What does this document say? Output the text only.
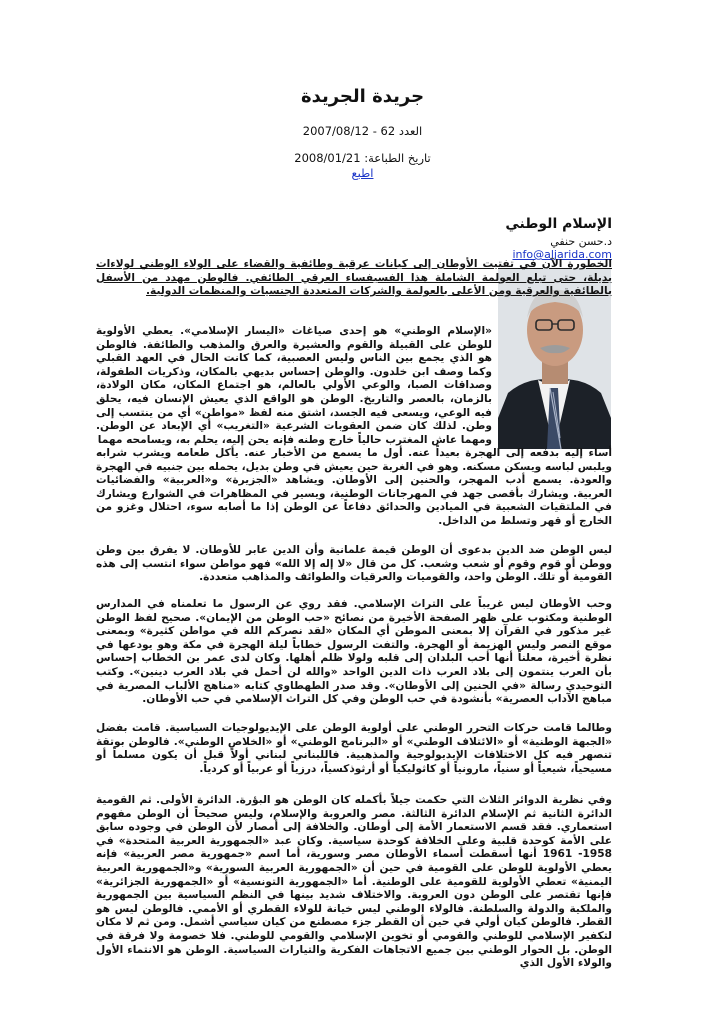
جريدة الجريدة
العدد 62 - 2007/08/12
تاريخ الطباعة: 2008/01/21
اطبع
الإسلام الوطني
د.حسن حنفي
info@aljarida.com
الخطورة الآن في تفتيت الأوطان إلى كيانات عرقية وطائفية والقضاء على الولاء الوطني لولاءات بديلة، حتى تبلع العولمة الشاملة هذا الفسيفساء العرقي الطائفي. فالوطن مهدد من الأسفل بالطائفية والعرقية ومن الأعلى بالعولمة والشركات المتعددة الجنسيات والمنظمات الدولية.
«الإسلام الوطني» هو إحدى صياغات «اليسار الإسلامي». يعطي الأولوية للوطن على القبيلة والقوم والعشيرة والعرق والمذهب والطائفة. فالوطن هو الذي يجمع بين الناس وليس العصبية، كما كانت الحال في العهد القبلي وكما وصف ابن خلدون. والوطن إحساس بديهي بالمكان، وذكريات الطفولة، وصداقات الصبا، والوعي الأولي بالعالم، هو اجتماع المكان، مكان الولادة، بالزمان، بالعصر والتاريخ. الوطن هو الواقع الذي يعيش الإنسان فيه، يحلق فيه الوعي، ويسعى فيه الجسد، اشتق منه لفظ «مواطن» أي من ينتسب إلى وطن. لذلك كان ضمن العقوبات الشرعية «التغريب» أي الإبعاد عن الوطن. ومهما عاش المغترب حالياً خارج وطنه فإنه يحن إليه، يحلم به، ويسامحه مهما
أساء إليه بدفعه إلى الهجرة بعيداً عنه. أول ما يسمع من الأخبار عنه. يأكل طعامه ويشرب شرابه ويلبس لباسه ويسكن مسكنه. وهو في الغربة حين يعيش في وطن بديل، يحمله بين جنبيه في الهجرة والعودة. يسمع أدب المهجر، والحنين إلى الأوطان. ويشاهد «الجزيرة» و«العربية» والفضائيات العربية. ويشارك بأقصى جهد في المهرجانات الوطنية، ويسير في المظاهرات في الشوارع ويشارك في الملتقيات الشعبية في الميادين والحدائق دفاعاً عن الوطن إذا ما أصابه سوء، احتلال وغزو من الخارج أو قهر وتسلط من الداخل.
ليس الوطن ضد الدين بدعوى أن الوطن قيمة علمانية وأن الدين عابر للأوطان. لا يفرق بين وطن ووطن أو قوم وقوم أو شعب وشعب. كل من قال «لا إله إلا الله» فهو مواطن سواء انتسب إلى هذه القومية أو تلك. الوطن واحد، والقوميات والعرقيات والطوائف والمذاهب متعددة.
وحب الأوطان ليس غريباً على التراث الإسلامي. فقد روي عن الرسول ما تعلمناه في المدارس الوطنية ومكتوب على ظهر الصفحة الأخيرة من نصائح «حب الوطن من الإيمان». صحيح لفظ الوطن غير مذكور في القرآن إلا بمعنى الموطن أي المكان «لقد نصركم الله في مواطن كثيرة» وبمعنى موقع النصر وليس الهزيمة أو الهجرة. والتفت الرسول خطاباً ليلة الهجرة في مكة وهو يودعها في نظرة أخيرة، معلناً أنها أحب البلدان إلى قلبه ولولا ظلم أهلها. وكان لدى عمر بن الخطاب إحساس بأن العرب ينتمون إلى بلاد العرب ذات الدين الواحد «والله لن أحمل في بلاد العرب دينين». وكتب التوحيدي رسالة «في الحنين إلى الأوطان». وقد صدر الطهطاوي كتابه «مناهج الألباب المصرية في مباهج الآداب العصرية» بأنشودة في حب الوطن وفي كل التراث الإسلامي في حب الأوطان.
وطالما قامت حركات التحرر الوطني على أولوية الوطن على الإيديولوجيات السياسية. قامت بفضل «الجبهة الوطنية» أو «الائتلاف الوطني» أو «البرنامج الوطني» أو «الخلاص الوطني». فالوطن بوتقة تنصهر فيه كل الاختلافات الإيديولوجية والمذهبية. فاللبناني لبناني أولاً قبل أن يكون مسلماً أو مسيحياً، شيعياً أو سنياً، مارونياً أو كاثوليكياً أو أرثوذكسياً، درزياً أو عربياً أو كردياً.
وفي نظرية الدوائر الثلاث التي حكمت جيلاً بأكمله كان الوطن هو البؤرة. الدائرة الأولى. ثم القومية الدائرة الثانية ثم الإسلام الدائرة الثالثة. مصر والعروبة والإسلام، وليس صحيحاً أن الوطن مفهوم استعماري. فقد قسم الاستعمار الأمة إلى أوطان. والخلافة إلى أمصار لأن الوطن في وجوده سابق على الأمة كوحدة قلبية وعلى الخلافة كوحدة سياسية. وكان عبد «الجمهورية العربية المتحدة» في 1958- 1961 أنها أسقطت أسماء الأوطان مصر وسورية، أما اسم «جمهورية مصر العربية» فإنه يعطي الأولوية للوطن على القومية في حين أن «الجمهورية العربية السورية» و«الجمهورية العربية اليمنية» تعطي الأولوية للقومية على الوطنية. أما «الجمهورية التونسية» أو «الجمهورية الجزائرية» فإنها تقتصر على الوطن دون العروبة. والاختلاف شديد بينها في النظم السياسية بين الجمهورية والملكية والدولة والسلطنة. فالولاء الوطني ليس خيانة للولاء القطري أو الأممي. فالوطن ليس هو القطر. فالوطن كيان أولي في حين أن القطر جزء مصطنع من كيان سياسي أشمل. ومن ثم لا مكان لتكفير الإسلامي للوطني والقومي أو تخوين الإسلامي والقومي للوطني. فلا خصومة ولا فرقة في الوطن. بل الحوار الوطني بين جميع الاتجاهات الفكرية والتيارات السياسية. الوطن هو الانتماء الأول والولاء الأول الذي
